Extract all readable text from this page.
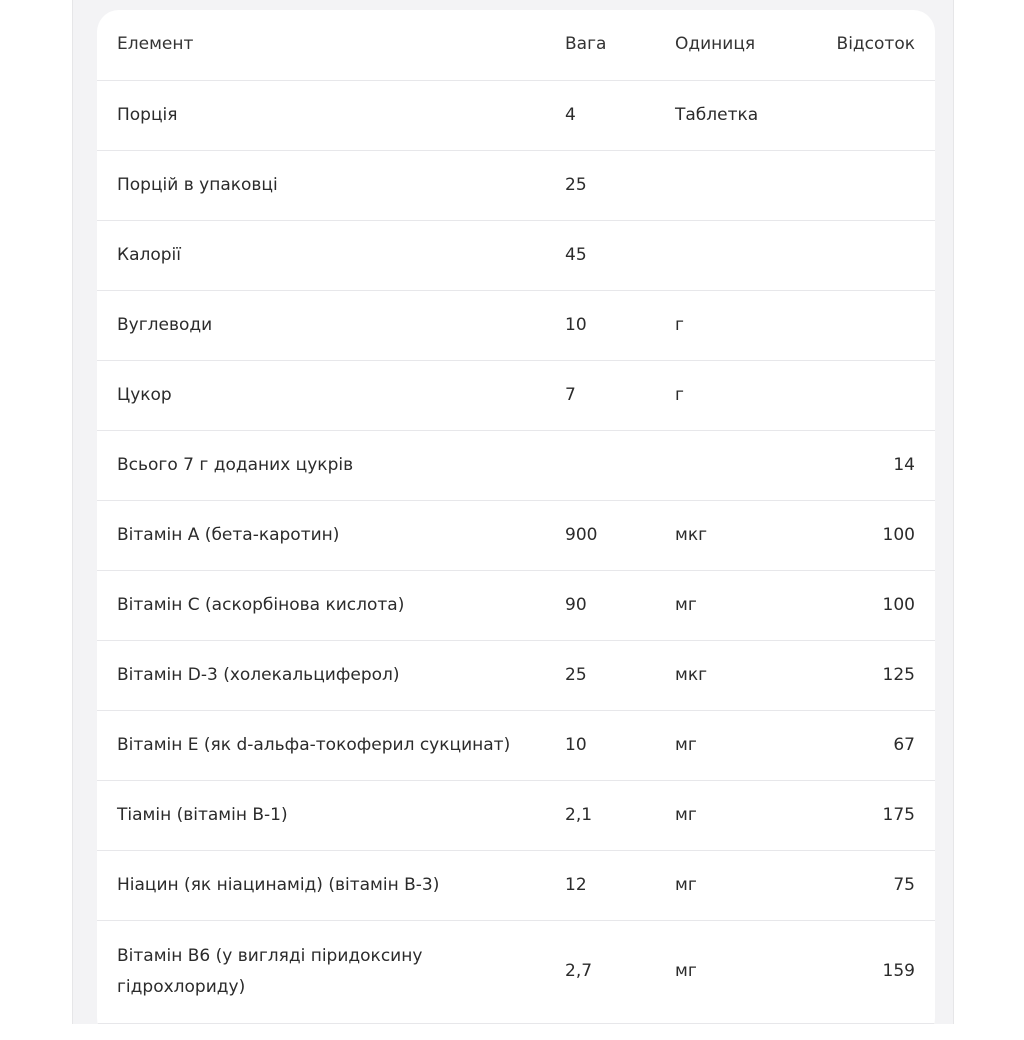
Елемент	Вага	Одиниця	Відсоток
Порція	4	Таблетка	
Порцій в упаковці	25		
Калорії	45		
Вуглеводи	10	г	
Цукор	7	г	
Всього 7 г доданих цукрів			14
Вітамін А (бета-каротин)	900	мкг	100
Вітамін С (аскорбінова кислота)	90	мг	100
Вітамін D-3 (холекальциферол)	25	мкг	125
Вітамін Е (як d-альфа-токоферил сукцинат)	10	мг	67
Тіамін (вітамін В-1)	2,1	мг	175
Ніацин (як ніацинамід) (вітамін В-3)	12	мг	75
Вітамін В6 (у вигляді піридоксину гідрохлориду)	2,7	мг	159
